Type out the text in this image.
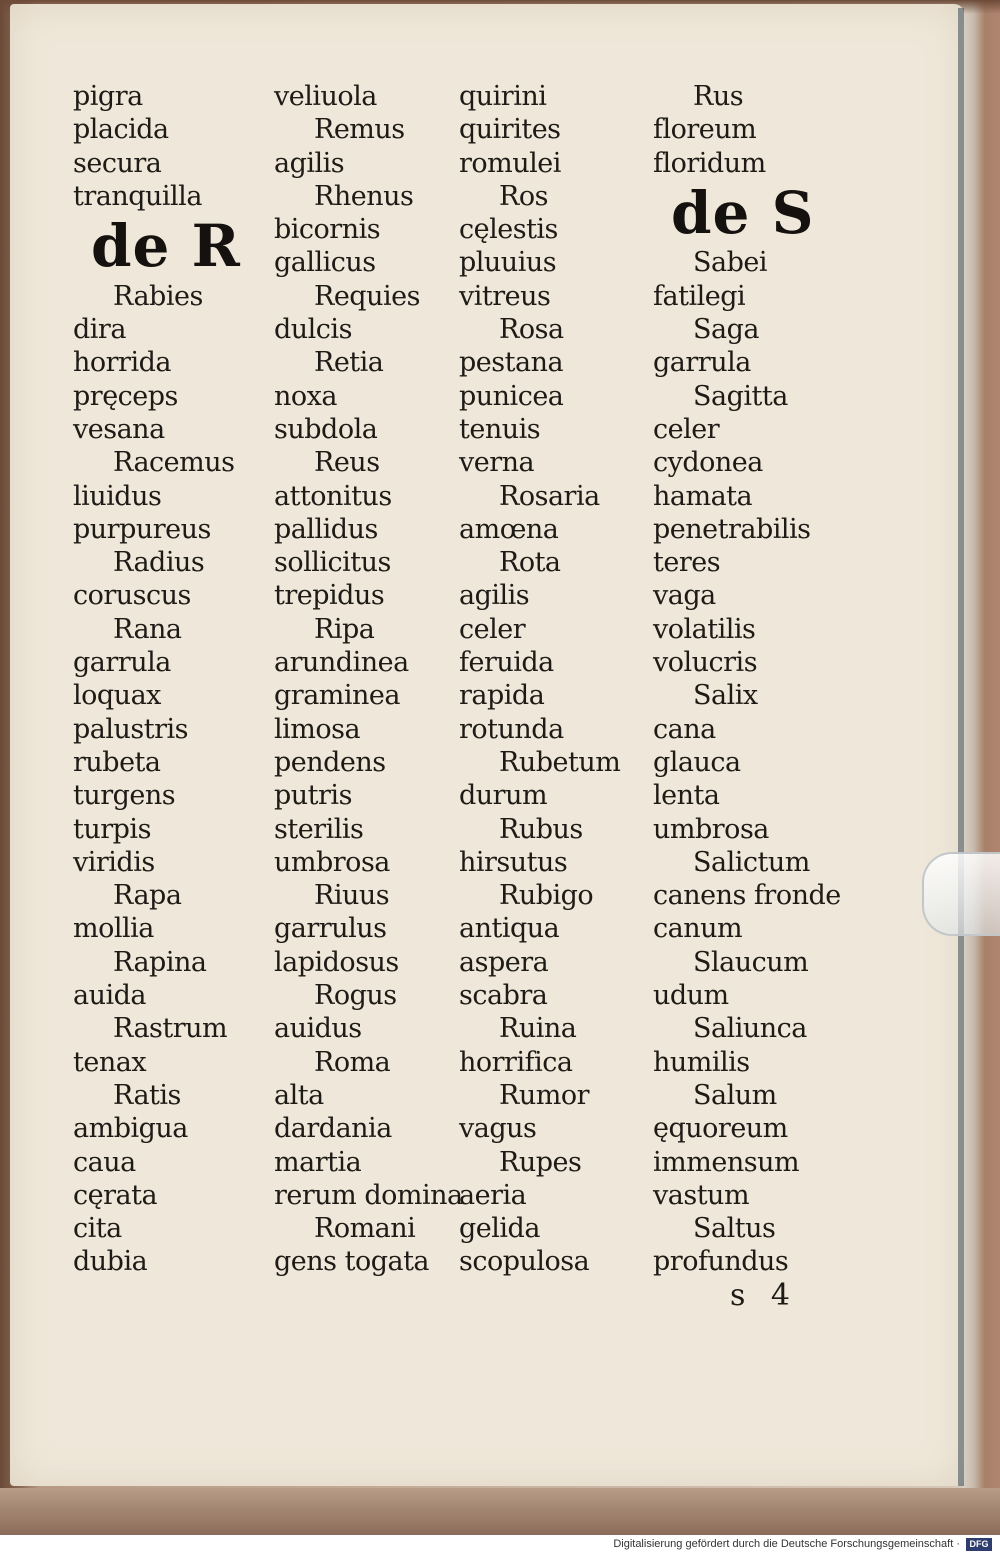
pigra
placida
secura
tranquilla
de R
Rabies
dira
horrida
pręceps
vesana
Racemus
liuidus
purpureus
Radius
coruscus
Rana
garrula
loquax
palustris
rubeta
turgens
turpis
viridis
Rapa
mollia
Rapina
auida
Rastrum
tenax
Ratis
ambigua
caua
cęrata
cita
dubia
veliuola
Remus
agilis
Rhenus
bicornis
gallicus
Requies
dulcis
Retia
noxa
subdola
Reus
attonitus
pallidus
sollicitus
trepidus
Ripa
arundinea
graminea
limosa
pendens
putris
sterilis
umbrosa
Riuus
garrulus
lapidosus
Rogus
auidus
Roma
alta
dardania
martia
rerum domina
Romani
gens togata
quirini
quirites
romulei
Ros
cęlestis
pluuius
vitreus
Rosa
pestana
punicea
tenuis
verna
Rosaria
amœna
Rota
agilis
celer
feruida
rapida
rotunda
Rubetum
durum
Rubus
hirsutus
Rubigo
antiqua
aspera
scabra
Ruina
horrifica
Rumor
vagus
Rupes
aeria
gelida
scopulosa
Rus
floreum
floridum
de S
Sabei
fatilegi
Saga
garrula
Sagitta
celer
cydonea
hamata
penetrabilis
teres
vaga
volatilis
volucris
Salix
cana
glauca
lenta
umbrosa
Salictum
canens fronde
canum
Slaucum
udum
Saliunca
humilis
Salum
ęquoreum
immensum
vastum
Saltus
profundus
s 4
Digitalisierung gefördert durch die Deutsche Forschungsgemeinschaft ·	DFG
